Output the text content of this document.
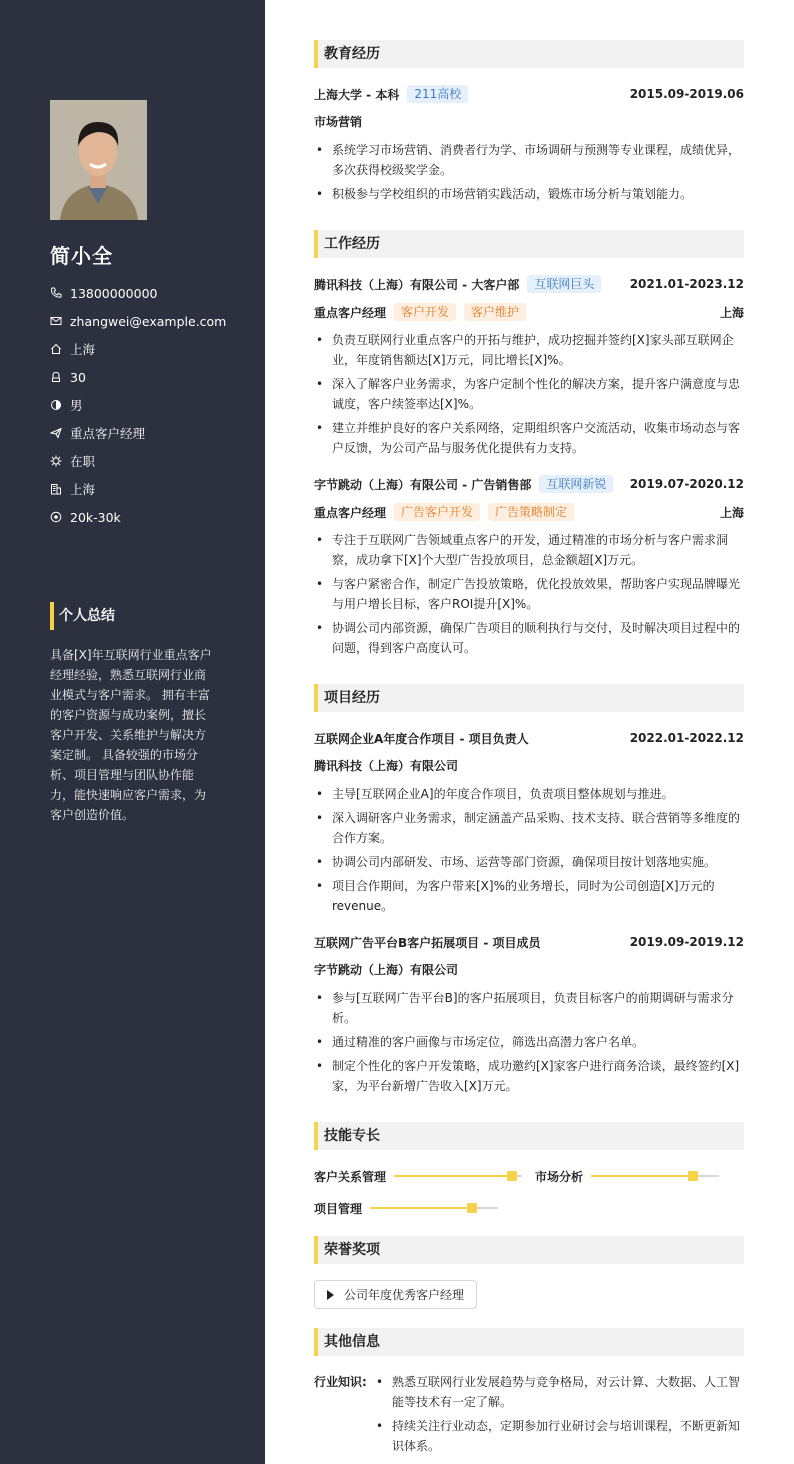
简小全
13800000000
zhangwei@example.com
上海
30
男
重点客户经理
在职
上海
20k-30k
个人总结
具备[X]年互联网行业重点客户经理经验，熟悉互联网行业商业模式与客户需求。 拥有丰富的客户资源与成功案例，擅长客户开发、关系维护与解决方案定制。 具备较强的市场分析、项目管理与团队协作能力，能快速响应客户需求，为客户创造价值。
教育经历
上海大学 - 本科	211高校	2015.09-2019.06
市场营销
• 系统学习市场营销、消费者行为学、市场调研与预测等专业课程，成绩优异，多次获得校级奖学金。
• 积极参与学校组织的市场营销实践活动，锻炼市场分析与策划能力。
工作经历
腾讯科技（上海）有限公司 - 大客户部	互联网巨头	2021.01-2023.12
重点客户经理	客户开发	客户维护	上海
• 负责互联网行业重点客户的开拓与维护，成功挖掘并签约[X]家头部互联网企业，年度销售额达[X]万元，同比增长[X]%。
• 深入了解客户业务需求，为客户定制个性化的解决方案，提升客户满意度与忠诚度，客户续签率达[X]%。
• 建立并维护良好的客户关系网络，定期组织客户交流活动，收集市场动态与客户反馈，为公司产品与服务优化提供有力支持。
字节跳动（上海）有限公司 - 广告销售部	互联网新锐	2019.07-2020.12
重点客户经理	广告客户开发	广告策略制定	上海
• 专注于互联网广告领域重点客户的开发，通过精准的市场分析与客户需求洞察，成功拿下[X]个大型广告投放项目，总金额超[X]万元。
• 与客户紧密合作，制定广告投放策略，优化投放效果，帮助客户实现品牌曝光与用户增长目标，客户ROI提升[X]%。
• 协调公司内部资源，确保广告项目的顺利执行与交付，及时解决项目过程中的问题，得到客户高度认可。
项目经历
互联网企业A年度合作项目 - 项目负责人	2022.01-2022.12
腾讯科技（上海）有限公司
• 主导[互联网企业A]的年度合作项目，负责项目整体规划与推进。
• 深入调研客户业务需求，制定涵盖产品采购、技术支持、联合营销等多维度的合作方案。
• 协调公司内部研发、市场、运营等部门资源，确保项目按计划落地实施。
• 项目合作期间，为客户带来[X]%的业务增长，同时为公司创造[X]万元的revenue。
互联网广告平台B客户拓展项目 - 项目成员	2019.09-2019.12
字节跳动（上海）有限公司
• 参与[互联网广告平台B]的客户拓展项目，负责目标客户的前期调研与需求分析。
• 通过精准的客户画像与市场定位，筛选出高潜力客户名单。
• 制定个性化的客户开发策略，成功邀约[X]家客户进行商务洽谈，最终签约[X]家，为平台新增广告收入[X]万元。
技能专长
客户关系管理	市场分析
项目管理
荣誉奖项
公司年度优秀客户经理
其他信息
行业知识:
•	熟悉互联网行业发展趋势与竞争格局，对云计算、大数据、人工智能等技术有一定了解。
• 持续关注行业动态，定期参加行业研讨会与培训课程，不断更新知识体系。
